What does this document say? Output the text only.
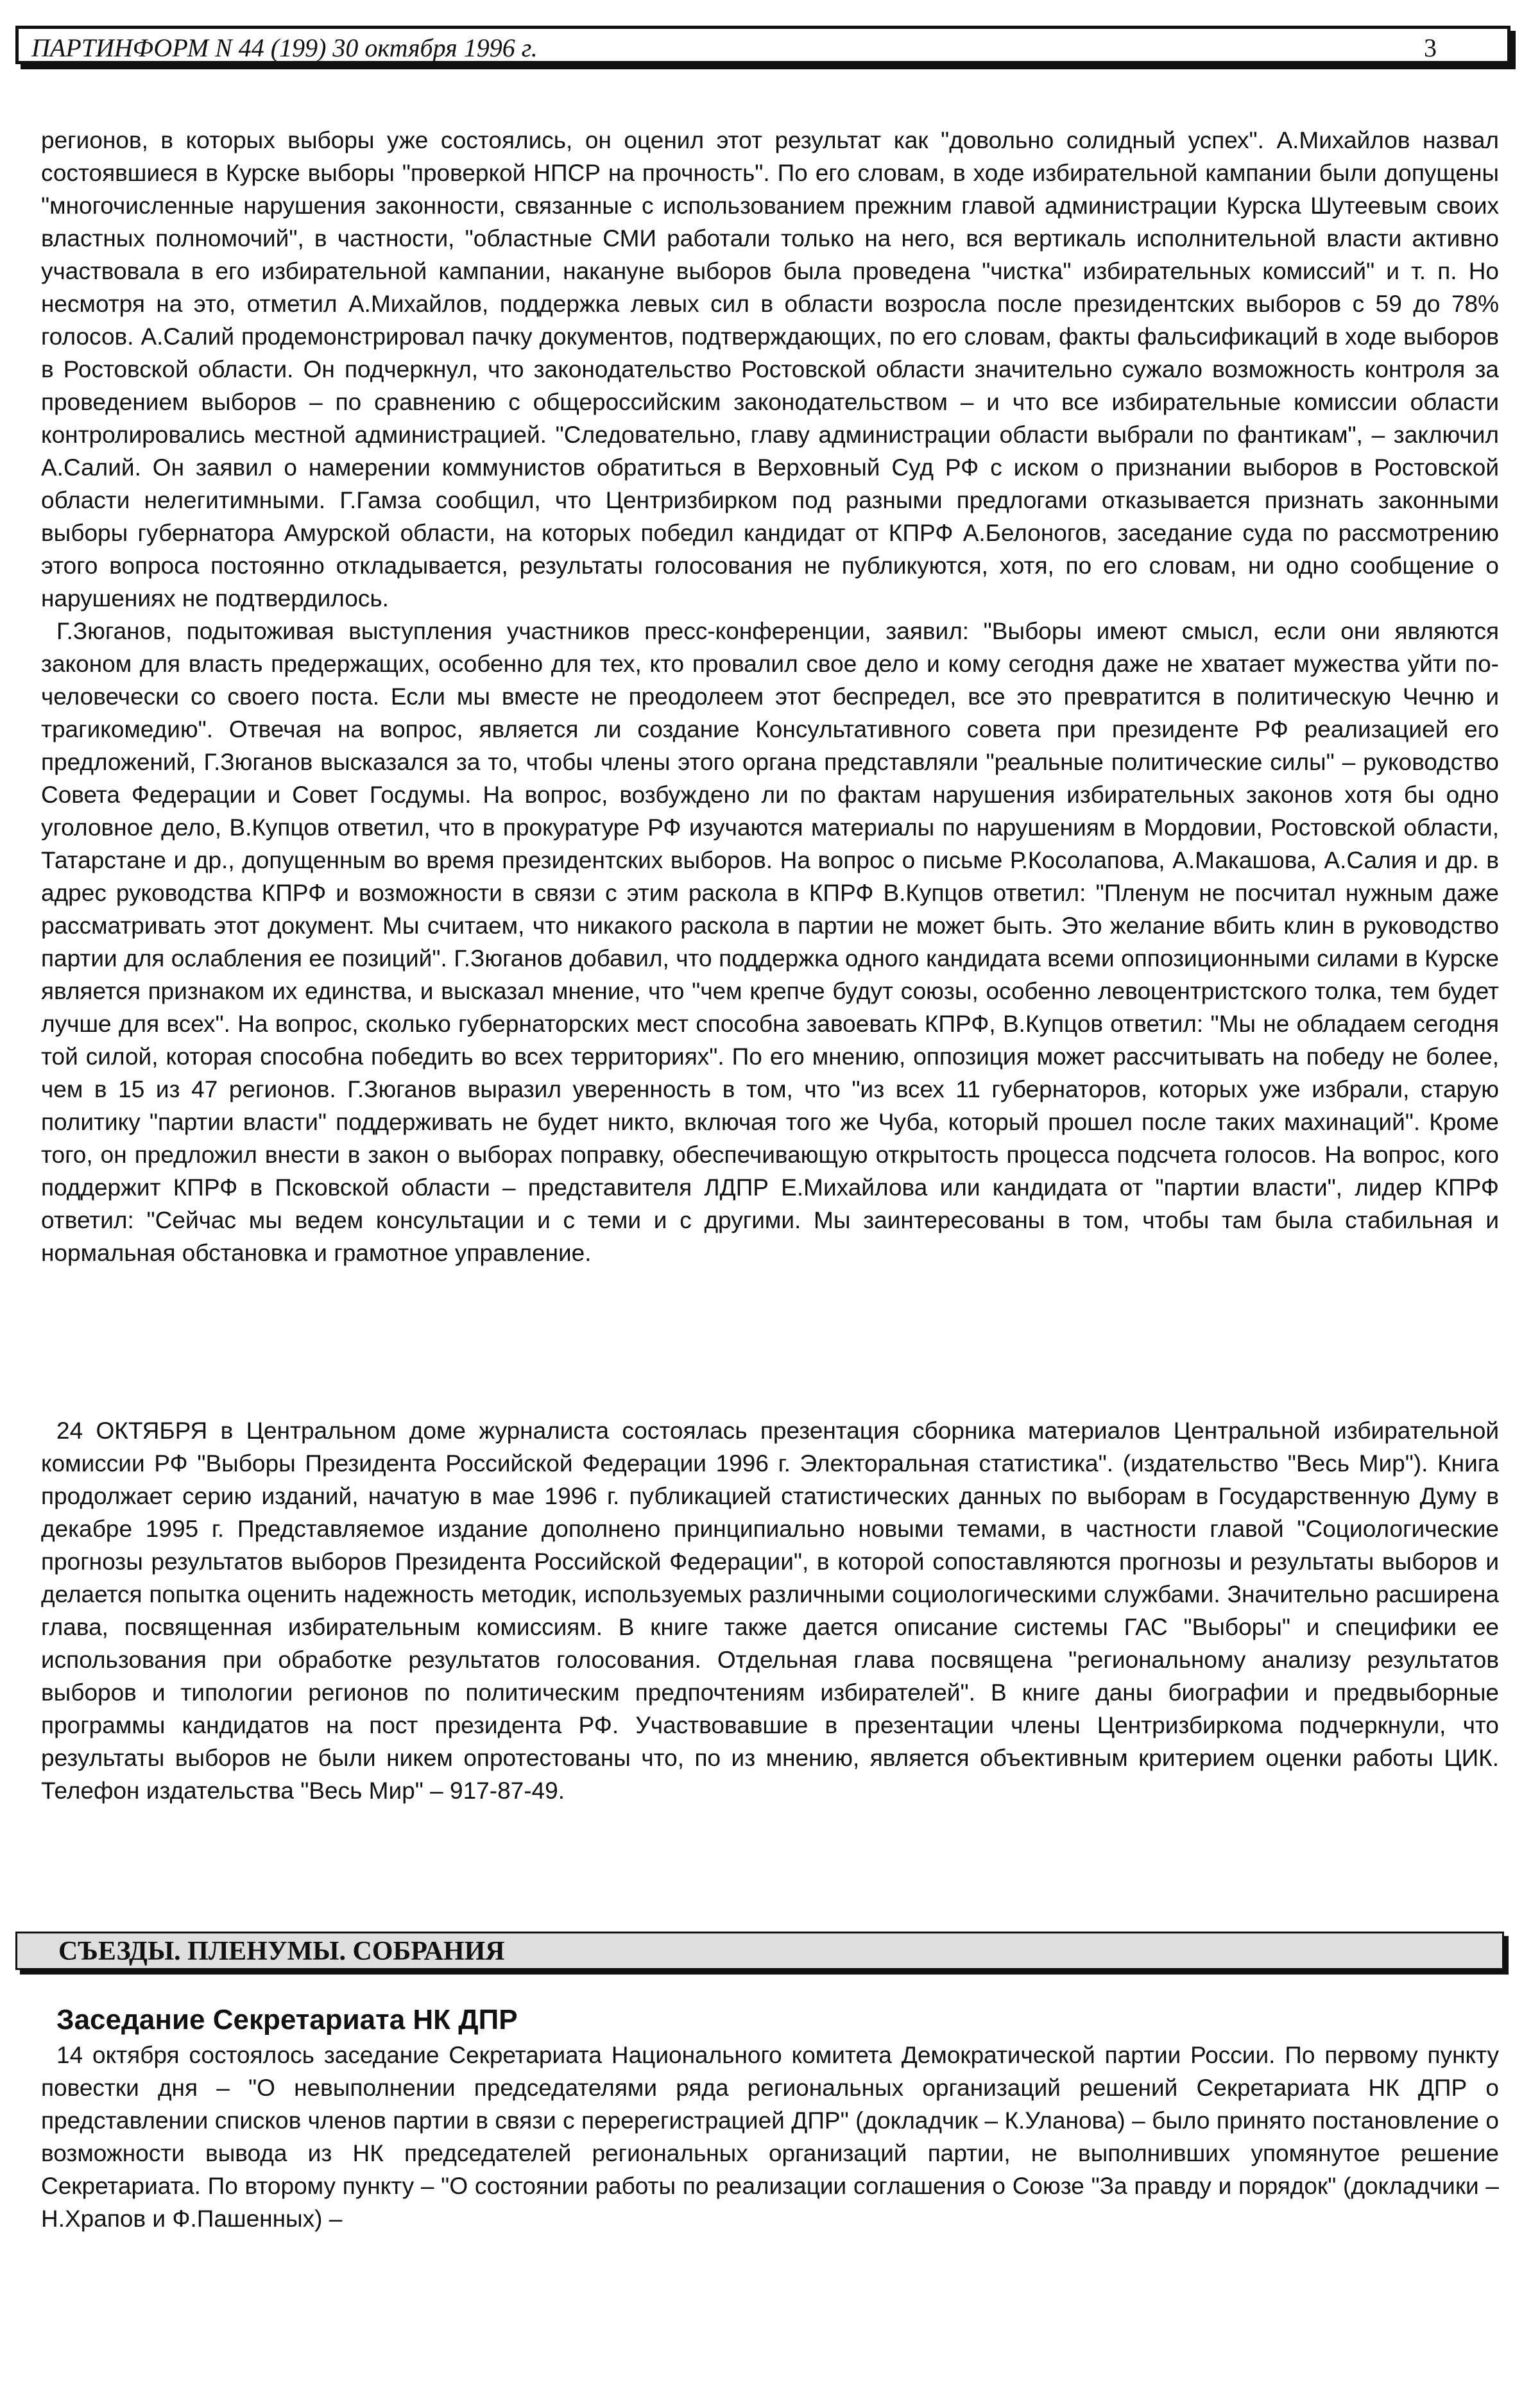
ПАРТИНФОРМ N 44 (199) 30 октября 1996 г.	3

регионов, в которых выборы уже состоялись, он оценил этот результат как "довольно солидный успех". А.Михайлов назвал состоявшиеся в Курске выборы "проверкой НПСР на прочность". По его словам, в ходе избирательной кампании были допущены "многочисленные нарушения законности, связанные с использованием прежним главой администрации Курска Шутеевым своих властных полномочий", в частности, "областные СМИ работали только на него, вся вертикаль исполнительной власти активно участвовала в его избирательной кампании, накануне выборов была проведена "чистка" избирательных комиссий" и т. п. Но несмотря на это, отметил А.Михайлов, поддержка левых сил в области возросла после президентских выборов с 59 до 78% голосов. А.Салий продемонстрировал пачку документов, подтверждающих, по его словам, факты фальсификаций в ходе выборов в Ростовской области. Он подчеркнул, что законодательство Ростовской области значительно сужало возможность контроля за проведением выборов – по сравнению с общероссийским законодательством – и что все избирательные комиссии области контролировались местной администрацией. "Следовательно, главу администрации области выбрали по фантикам", – заключил А.Салий. Он заявил о намерении коммунистов обратиться в Верховный Суд РФ с иском о признании выборов в Ростовской области нелегитимными. Г.Гамза сообщил, что Центризбирком под разными предлогами отказывается признать законными выборы губернатора Амурской области, на которых победил кандидат от КПРФ А.Белоногов, заседание суда по рассмотрению этого вопроса постоянно откладывается, результаты голосования не публикуются, хотя, по его словам, ни одно сообщение о нарушениях не подтвердилось.

Г.Зюганов, подытоживая выступления участников пресс-конференции, заявил: "Выборы имеют смысл, если они являются законом для власть предержащих, особенно для тех, кто провалил свое дело и кому сегодня даже не хватает мужества уйти по-человечески со своего поста. Если мы вместе не преодолеем этот беспредел, все это превратится в политическую Чечню и трагикомедию". Отвечая на вопрос, является ли создание Консультативного совета при президенте РФ реализацией его предложений, Г.Зюганов высказался за то, чтобы члены этого органа представляли "реальные политические силы" – руководство Совета Федерации и Совет Госдумы. На вопрос, возбуждено ли по фактам нарушения избирательных законов хотя бы одно уголовное дело, В.Купцов ответил, что в прокуратуре РФ изучаются материалы по нарушениям в Мордовии, Ростовской области, Татарстане и др., допущенным во время президентских выборов. На вопрос о письме Р.Косолапова, А.Макашова, А.Салия и др. в адрес руководства КПРФ и возможности в связи с этим раскола в КПРФ В.Купцов ответил: "Пленум не посчитал нужным даже рассматривать этот документ. Мы считаем, что никакого раскола в партии не может быть. Это желание вбить клин в руководство партии для ослабления ее позиций". Г.Зюганов добавил, что поддержка одного кандидата всеми оппозиционными силами в Курске является признаком их единства, и высказал мнение, что "чем крепче будут союзы, особенно левоцентристского толка, тем будет лучше для всех". На вопрос, сколько губернаторских мест способна завоевать КПРФ, В.Купцов ответил: "Мы не обладаем сегодня той силой, которая способна победить во всех территориях". По его мнению, оппозиция может рассчитывать на победу не более, чем в 15 из 47 регионов. Г.Зюганов выразил уверенность в том, что "из всех 11 губернаторов, которых уже избрали, старую политику "партии власти" поддерживать не будет никто, включая того же Чуба, который прошел после таких махинаций". Кроме того, он предложил внести в закон о выборах поправку, обеспечивающую открытость процесса подсчета голосов. На вопрос, кого поддержит КПРФ в Псковской области – представителя ЛДПР Е.Михайлова или кандидата от "партии власти", лидер КПРФ ответил: "Сейчас мы ведем консультации и с теми и с другими. Мы заинтересованы в том, чтобы там была стабильная и нормальная обстановка и грамотное управление.

24 ОКТЯБРЯ в Центральном доме журналиста состоялась презентация сборника материалов Центральной избирательной комиссии РФ "Выборы Президента Российской Федерации 1996 г. Электоральная статистика". (издательство "Весь Мир"). Книга продолжает серию изданий, начатую в мае 1996 г. публикацией статистических данных по выборам в Государственную Думу в декабре 1995 г. Представляемое издание дополнено принципиально новыми темами, в частности главой "Социологические прогнозы результатов выборов Президента Российской Федерации", в которой сопоставляются прогнозы и результаты выборов и делается попытка оценить надежность методик, используемых различными социологическими службами. Значительно расширена глава, посвященная избирательным комиссиям. В книге также дается описание системы ГАС "Выборы" и специфики ее использования при обработке результатов голосования. Отдельная глава посвящена "региональному анализу результатов выборов и типологии регионов по политическим предпочтениям избирателей". В книге даны биографии и предвыборные программы кандидатов на пост президента РФ. Участвовавшие в презентации члены Центризбиркома подчеркнули, что результаты выборов не были никем опротестованы что, по из мнению, является объективным критерием оценки работы ЦИК. Телефон издательства "Весь Мир" – 917-87-49.

СЪЕЗДЫ. ПЛЕНУМЫ. СОБРАНИЯ
Заседание Секретариата НК ДПР

14 октября состоялось заседание Секретариата Национального комитета Демократической партии России. По первому пункту повестки дня – "О невыполнении председателями ряда региональных организаций решений Секретариата НК ДПР о представлении списков членов партии в связи с перерегистрацией ДПР" (докладчик – К.Уланова) – было принято постановление о возможности вывода из НК председателей региональных организаций партии, не выполнивших упомянутое решение Секретариата. По второму пункту – "О состоянии работы по реализации соглашения о Союзе "За правду и порядок" (докладчики – Н.Храпов и Ф.Пашенных) –
